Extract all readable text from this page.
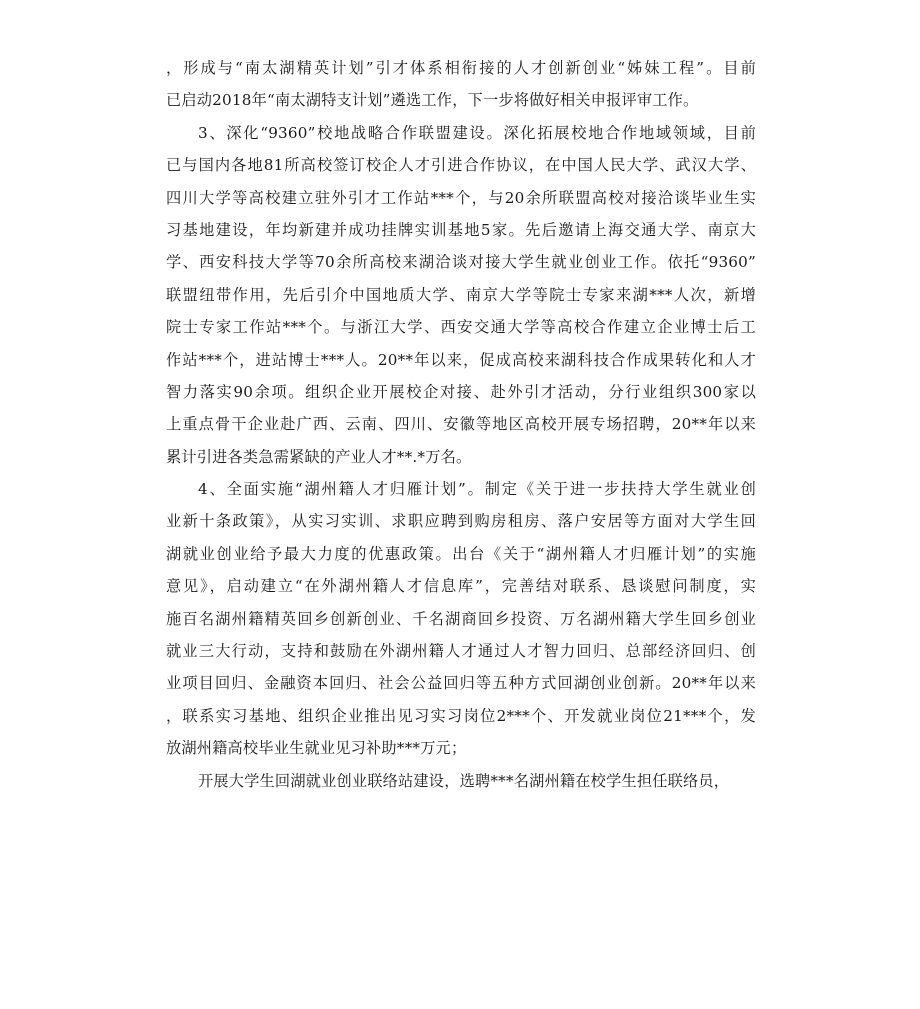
，形成与“南太湖精英计划”引才体系相衔接的人才创新创业“姊妹工程”。目前
已启动2018年“南太湖特支计划”遴选工作，下一步将做好相关申报评审工作。
3、深化“9360”校地战略合作联盟建设。深化拓展校地合作地域领域，目前
已与国内各地81所高校签订校企人才引进合作协议，在中国人民大学、武汉大学、
四川大学等高校建立驻外引才工作站***个，与20余所联盟高校对接洽谈毕业生实
习基地建设，年均新建并成功挂牌实训基地5家。先后邀请上海交通大学、南京大
学、西安科技大学等70余所高校来湖洽谈对接大学生就业创业工作。依托“9360”
联盟纽带作用，先后引介中国地质大学、南京大学等院士专家来湖***人次，新增
院士专家工作站***个。与浙江大学、西安交通大学等高校合作建立企业博士后工
作站***个，进站博士***人。20**年以来，促成高校来湖科技合作成果转化和人才
智力落实90余项。组织企业开展校企对接、赴外引才活动，分行业组织300家以
上重点骨干企业赴广西、云南、四川、安徽等地区高校开展专场招聘，20**年以来
累计引进各类急需紧缺的产业人才**.*万名。
4、全面实施“湖州籍人才归雁计划”。制定《关于进一步扶持大学生就业创
业新十条政策》，从实习实训、求职应聘到购房租房、落户安居等方面对大学生回
湖就业创业给予最大力度的优惠政策。出台《关于“湖州籍人才归雁计划”的实施
意见》，启动建立“在外湖州籍人才信息库”，完善结对联系、恳谈慰问制度，实
施百名湖州籍精英回乡创新创业、千名湖商回乡投资、万名湖州籍大学生回乡创业
就业三大行动，支持和鼓励在外湖州籍人才通过人才智力回归、总部经济回归、创
业项目回归、金融资本回归、社会公益回归等五种方式回湖创业创新。20**年以来
，联系实习基地、组织企业推出见习实习岗位2***个、开发就业岗位21***个，发
放湖州籍高校毕业生就业见习补助***万元；
开展大学生回湖就业创业联络站建设，选聘***名湖州籍在校学生担任联络员，
